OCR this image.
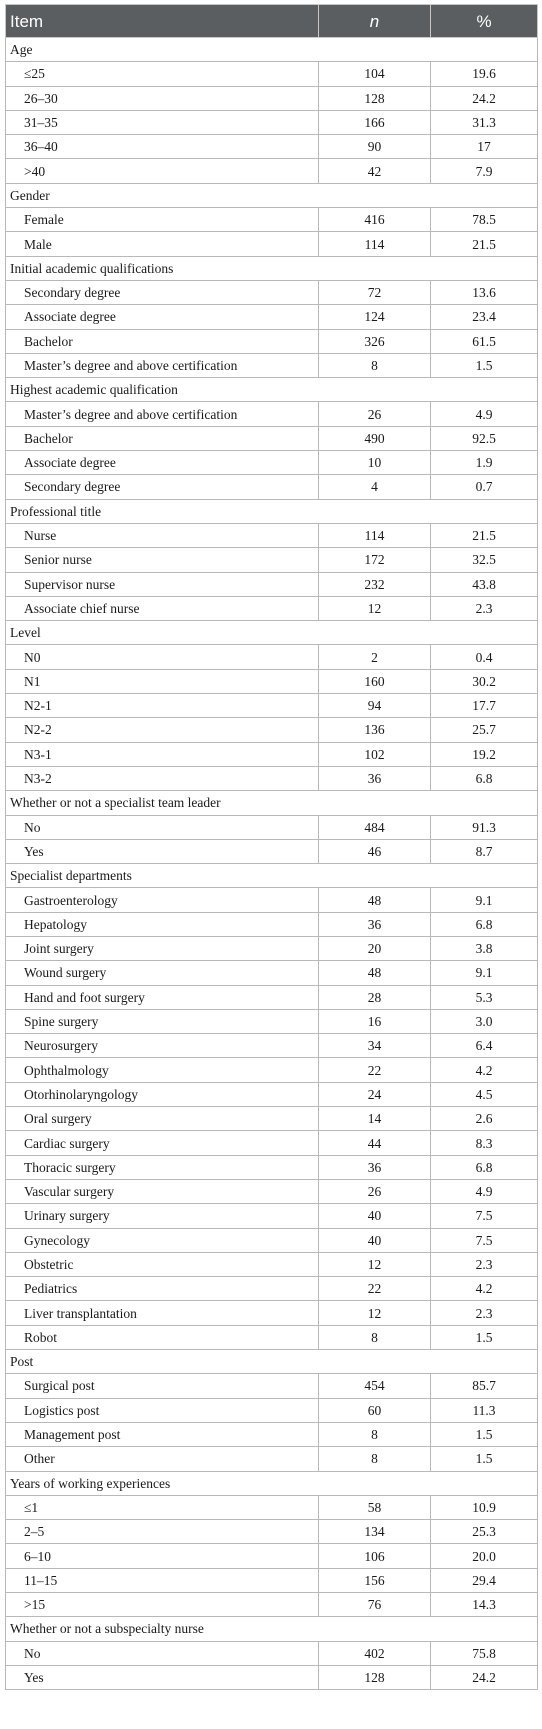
Item	n	%
Age		
≤25	104	19.6
26–30	128	24.2
31–35	166	31.3
36–40	90	17
>40	42	7.9
Gender		
Female	416	78.5
Male	114	21.5
Initial academic qualifications		
Secondary degree	72	13.6
Associate degree	124	23.4
Bachelor	326	61.5
Master’s degree and above certification	8	1.5
Highest academic qualification		
Master’s degree and above certification	26	4.9
Bachelor	490	92.5
Associate degree	10	1.9
Secondary degree	4	0.7
Professional title		
Nurse	114	21.5
Senior nurse	172	32.5
Supervisor nurse	232	43.8
Associate chief nurse	12	2.3
Level		
N0	2	0.4
N1	160	30.2
N2-1	94	17.7
N2-2	136	25.7
N3-1	102	19.2
N3-2	36	6.8
Whether or not a specialist team leader		
No	484	91.3
Yes	46	8.7
Specialist departments		
Gastroenterology	48	9.1
Hepatology	36	6.8
Joint surgery	20	3.8
Wound surgery	48	9.1
Hand and foot surgery	28	5.3
Spine surgery	16	3.0
Neurosurgery	34	6.4
Ophthalmology	22	4.2
Otorhinolaryngology	24	4.5
Oral surgery	14	2.6
Cardiac surgery	44	8.3
Thoracic surgery	36	6.8
Vascular surgery	26	4.9
Urinary surgery	40	7.5
Gynecology	40	7.5
Obstetric	12	2.3
Pediatrics	22	4.2
Liver transplantation	12	2.3
Robot	8	1.5
Post		
Surgical post	454	85.7
Logistics post	60	11.3
Management post	8	1.5
Other	8	1.5
Years of working experiences		
≤1	58	10.9
2–5	134	25.3
6–10	106	20.0
11–15	156	29.4
>15	76	14.3
Whether or not a subspecialty nurse		
No	402	75.8
Yes	128	24.2
